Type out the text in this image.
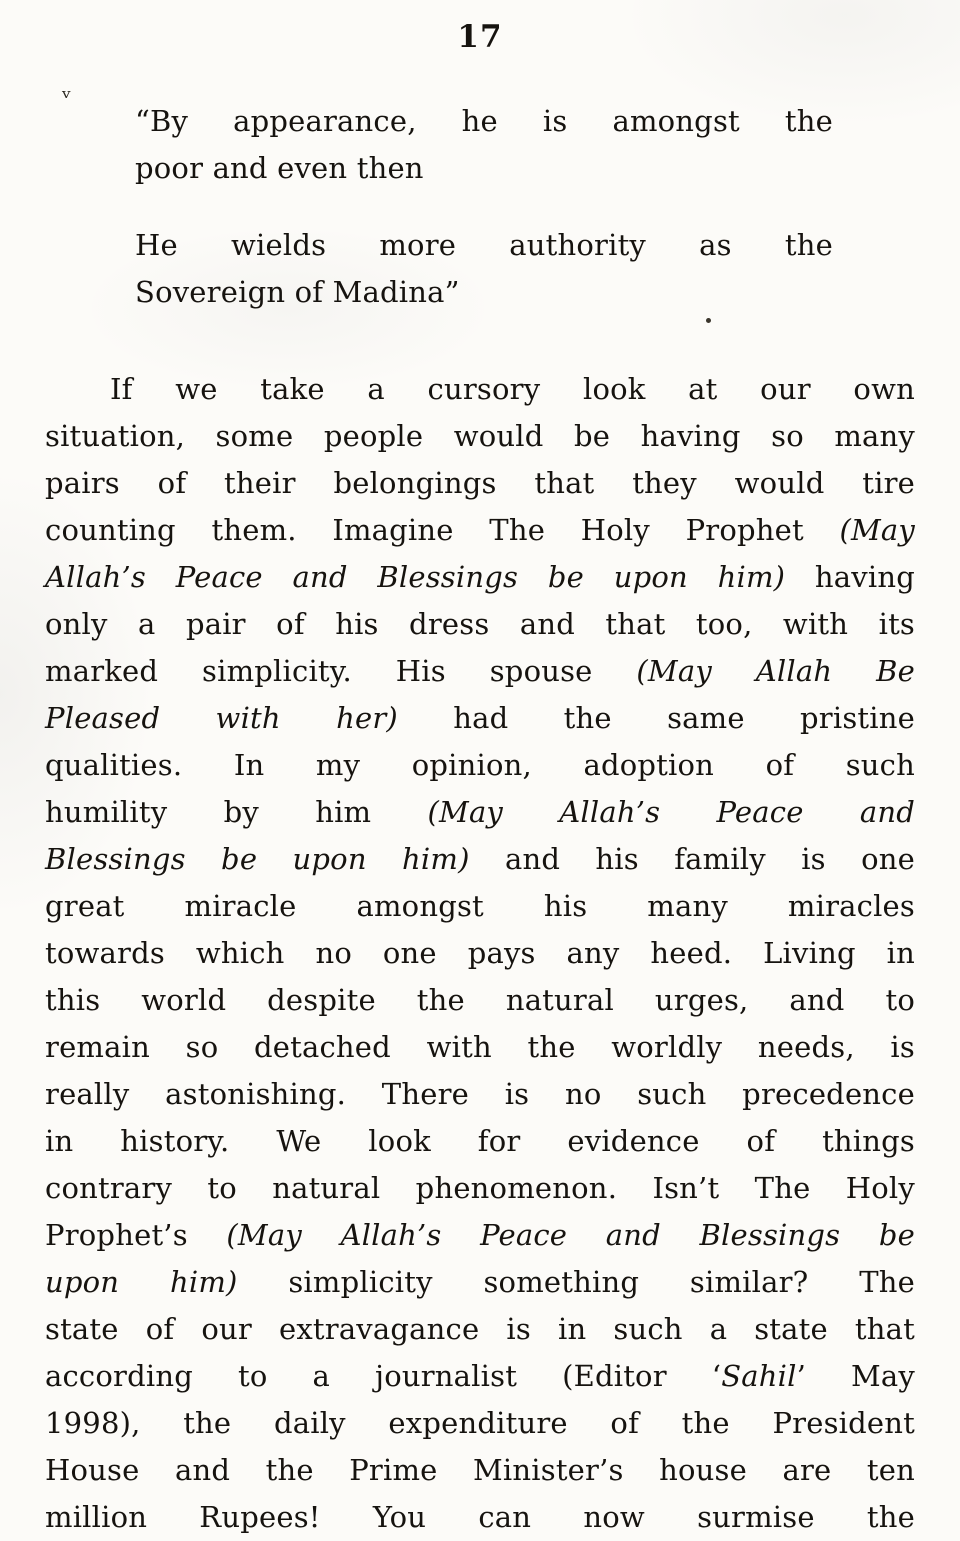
17
ᵛ
“By appearance, he is amongst the
poor and even then
He wields more authority as the
Sovereign of Madina”
If we take a cursory look at our own
situation, some people would be having so many
pairs of their belongings that they would tire
counting them. Imagine The Holy Prophet (May
Allah’s Peace and Blessings be upon him) having
only a pair of his dress and that too, with its
marked simplicity. His spouse (May Allah Be
Pleased with her) had the same pristine
qualities. In my opinion, adoption of such
humility by him (May Allah’s Peace and
Blessings be upon him) and his family is one
great miracle amongst his many miracles
towards which no one pays any heed. Living in
this world despite the natural urges, and to
remain so detached with the worldly needs, is
really astonishing. There is no such precedence
in history. We look for evidence of things
contrary to natural phenomenon. Isn’t The Holy
Prophet’s (May Allah’s Peace and Blessings be
upon him) simplicity something similar? The
state of our extravagance is in such a state that
according to a journalist (Editor ‘Sahil’ May
1998), the daily expenditure of the President
House and the Prime Minister’s house are ten
million Rupees! You can now surmise the
